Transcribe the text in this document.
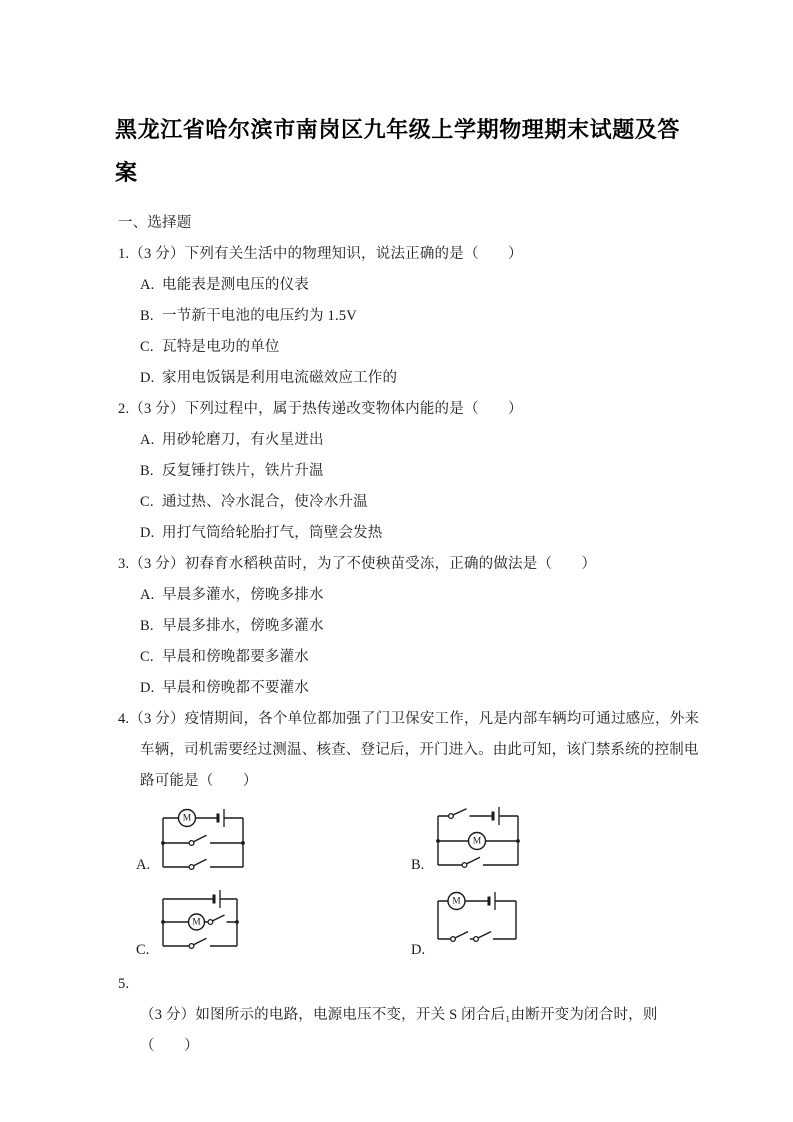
黑龙江省哈尔滨市南岗区九年级上学期物理期末试题及答案
一、选择题
1.（3 分）下列有关生活中的物理知识，说法正确的是（　　）
A. 电能表是测电压的仪表
B. 一节新干电池的电压约为 1.5V
C. 瓦特是电功的单位
D. 家用电饭锅是利用电流磁效应工作的
2.（3 分）下列过程中，属于热传递改变物体内能的是（　　）
A. 用砂轮磨刀，有火星迸出
B. 反复锤打铁片，铁片升温
C. 通过热、冷水混合，使冷水升温
D. 用打气筒给轮胎打气，筒壁会发热
3.（3 分）初春育水稻秧苗时，为了不使秧苗受冻，正确的做法是（　　）
A. 早晨多灌水，傍晚多排水
B. 早晨多排水，傍晚多灌水
C. 早晨和傍晚都要多灌水
D. 早晨和傍晚都不要灌水
4.（3 分）疫情期间，各个单位都加强了门卫保安工作，凡是内部车辆均可通过感应，外来车辆，司机需要经过测温、核查、登记后，开门进入。由此可知，该门禁系统的控制电路可能是（　　）
A.
M
B.
M
C.
M
D.
M
5.（3 分）如图所示的电路，电源电压不变，开关 S 闭合后₁由断开变为闭合时，则（　　）
